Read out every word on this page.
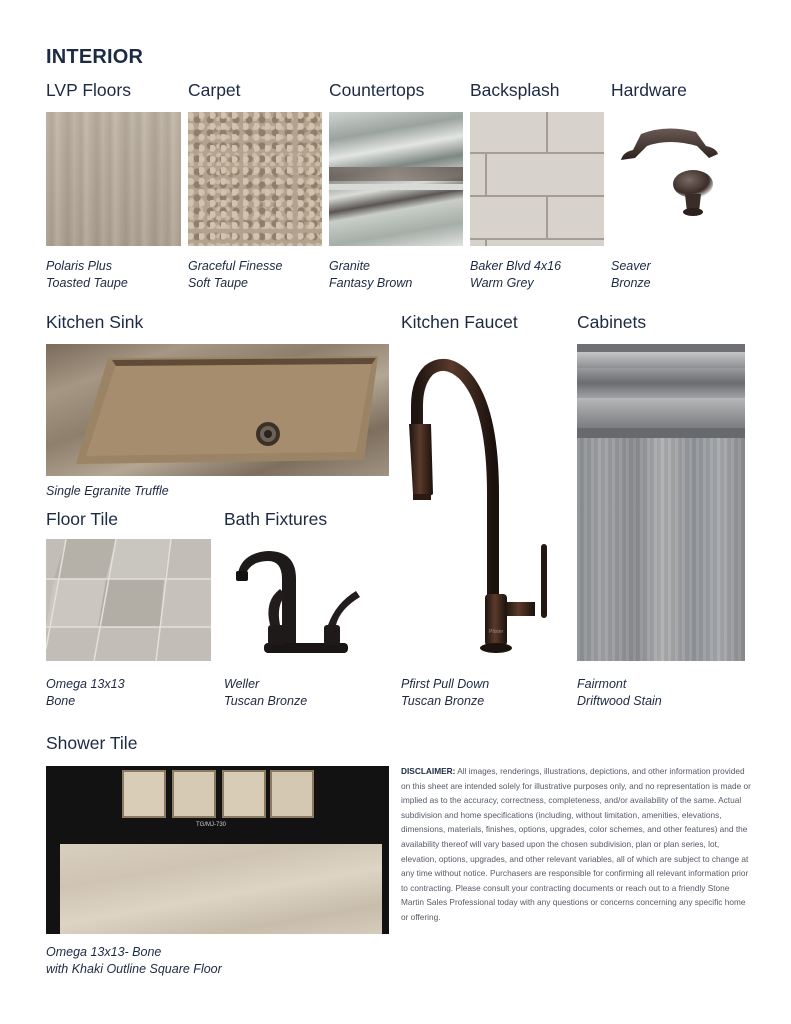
INTERIOR
LVP Floors	Carpet	Countertops	Backsplash	Hardware
Polaris Plus
Toasted Taupe
Graceful Finesse
Soft Taupe
Granite
Fantasy Brown
Baker Blvd 4x16
Warm Grey
Seaver
Bronze
Kitchen Sink	Kitchen Faucet	Cabinets
Single Egranite Truffle
Pfister
Floor Tile	Bath Fixtures
Omega 13x13
Bone
Weller
Tuscan Bronze
Pfirst Pull Down
Tuscan Bronze
Fairmont
Driftwood Stain
Shower Tile
TG/MJ-730
Omega 13x13- Bone
with Khaki Outline Square Floor
DISCLAIMER: All images, renderings, illustrations, depictions, and other information provided on this sheet are intended solely for illustrative purposes only, and no representation is made or implied as to the accuracy, correctness, completeness, and/or availability of the same. Actual subdivision and home specifications (including, without limitation, amenities, elevations, dimensions, materials, finishes, options, upgrades, color schemes, and other features) and the availability thereof will vary based upon the chosen subdivision, plan or plan series, lot, elevation, options, upgrades, and other relevant variables, all of which are subject to change at any time without notice. Purchasers are responsible for confirming all relevant information prior to contracting. Please consult your contracting documents or reach out to a friendly Stone Martin Sales Professional today with any questions or concerns concerning any specific home or offering.
